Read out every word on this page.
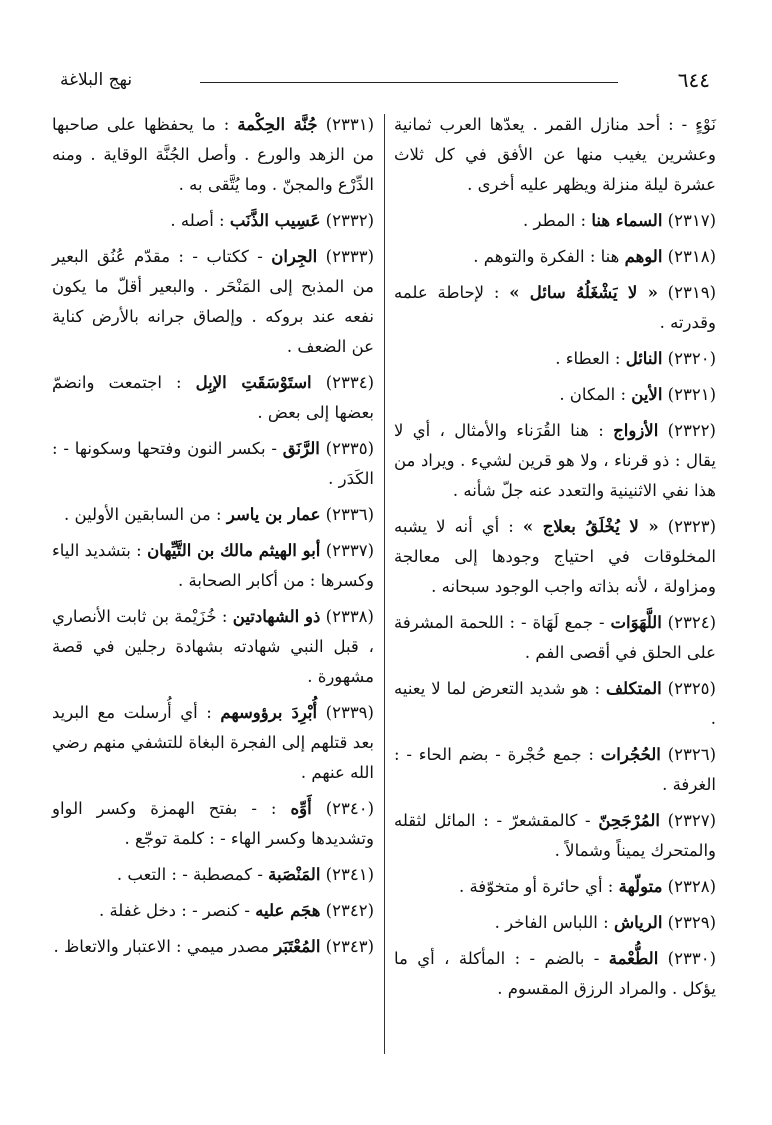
نهج البلاغة	٦٤٤

نَوْءٍ - : أحد منازل القمر . يعدّها العرب ثمانية وعشرين يغيب منها عن الأفق في كل ثلاث عشرة ليلة منزلة ويظهر عليه أخرى .

(٢٣١٧) السماء هنا : المطر .

(٢٣١٨) الوهم هنا : الفكرة والتوهم .

(٢٣١٩) « لا يَشْغَلُهُ سائل » : لإحاطة علمه وقدرته .

(٢٣٢٠) النائل : العطاء .

(٢٣٢١) الأين : المكان .

(٢٣٢٢) الأزواج : هنا القُرَناء والأمثال ، أي لا يقال : ذو قرناء ، ولا هو قرين لشيء . ويراد من هذا نفي الاثنينية والتعدد عنه جلّ شأنه .

(٢٣٢٣) « لا يُخْلَقُ بعلاج » : أي أنه لا يشبه المخلوقات في احتياج وجودها إلى معالجة ومزاولة ، لأنه بذاته واجب الوجود سبحانه .

(٢٣٢٤) اللَّهَوَات - جمع لَهَاة - : اللحمة المشرفة على الحلق في أقصى الفم .

(٢٣٢٥) المتكلف : هو شديد التعرض لما لا يعنيه .

(٢٣٢٦) الحُجُرات : جمع حُجْرة - بضم الحاء - : الغرفة .

(٢٣٢٧) المُرْجَحِنّ - كالمقشعرّ - : المائل لثقله والمتحرك يميناً وشمالاً .

(٢٣٢٨) متولّهة : أي حائرة أو متخوّفة .

(٢٣٢٩) الرياش : اللباس الفاخر .

(٢٣٣٠) الطُّعْمة - بالضم - : المأكلة ، أي ما يؤكل . والمراد الرزق المقسوم .

(٢٣٣١) جُنَّة الحِكْمة : ما يحفظها على صاحبها من الزهد والورع . وأصل الجُنَّة الوقاية . ومنه الدِّرْع والمجنّ . وما يُتَّقى به .

(٢٣٣٢) عَسِيب الذَّنَب : أصله .

(٢٣٣٣) الجِران - ككتاب - : مقدّم عُنُق البعير من المذبح إلى المَنْحَر . والبعير أقلّ ما يكون نفعه عند بروكه . وإلصاق جرانه بالأرض كناية عن الضعف .

(٢٣٣٤) استَوْسَقَتِ الإبِل : اجتمعت وانضمّ بعضها إلى بعض .

(٢٣٣٥) الرَّنَق - بكسر النون وفتحها وسكونها - : الكَدَر .

(٢٣٣٦) عمار بن ياسر : من السابقين الأولين .

(٢٣٣٧) أبو الهيثم مالك بن التَّيِّهان : بتشديد الياء وكسرها : من أكابر الصحابة .

(٢٣٣٨) ذو الشهادتين : خُزَيْمة بن ثابت الأنصاري ، قبل النبي شهادته بشهادة رجلين في قصة مشهورة .

(٢٣٣٩) أُبْرِدَ برؤوسهم : أي أُرسلت مع البريد بعد قتلهم إلى الفجرة البغاة للتشفي منهم رضي الله عنهم .

(٢٣٤٠) أَوِّه : - بفتح الهمزة وكسر الواو وتشديدها وكسر الهاء - : كلمة توجّع .

(٢٣٤١) المَنْصَبة - كمصطبة - : التعب .

(٢٣٤٢) هجَم عليه - كنصر - : دخل غفلة .

(٢٣٤٣) المُعْتَبَر مصدر ميمي : الاعتبار والاتعاظ .
